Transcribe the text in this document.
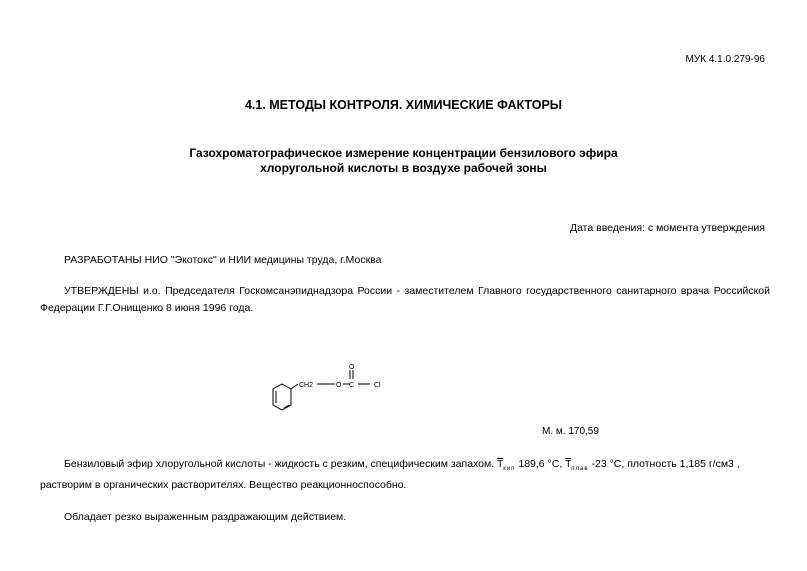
МУК 4.1.0.279-96
4.1. МЕТОДЫ КОНТРОЛЯ. ХИМИЧЕСКИЕ ФАКТОРЫ
Газохроматографическое измерение концентрации бензилового эфира
хлоругольной кислоты в воздухе рабочей зоны
Дата введения: с момента утверждения
РАЗРАБОТАНЫ НИО "Экотокс" и НИИ медицины труда, г.Москва
УТВЕРЖДЕНЫ и.о. Председателя Госкомсанэпиднадзора России - заместителем Главного государственного санитарного врача Российской Федерации Г.Г.Онищенко 8 июня 1996 года.
CH2	O
O
C	Cl
М. м. 170,59
Бензиловый эфир хлоругольной кислоты - жидкость с резким, специфическим запахом. $\overline{T}_{кип}$ 189,6 °С, $\overline{T}_{плав}$ -23 °С, плотность 1,185 г/см3 ,
растворим в органических растворителях. Вещество реакционноспособно.
Обладает резко выраженным раздражающим действием.
